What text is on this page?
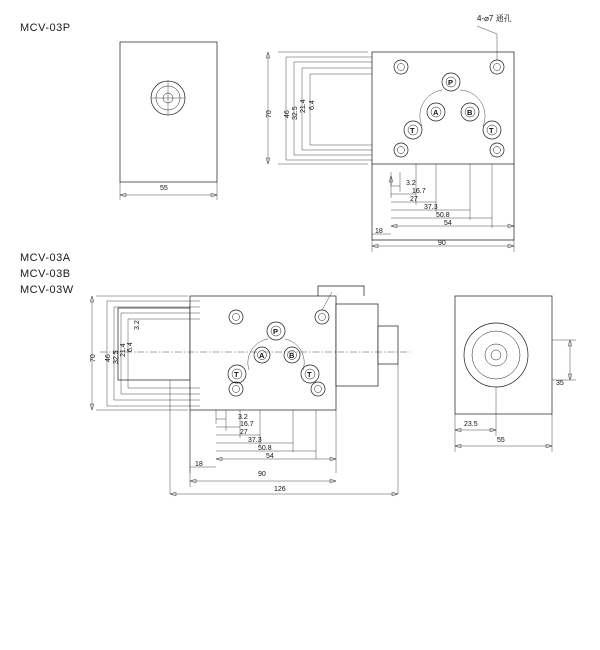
MCV-03P
MCV-03A
MCV-03B
MCV-03W
4-⌀7 通孔
55
P
A	B
T	T
70 46 32.5
21.4 6.4
3.2
16.7
27
37.3
50.8
54
90
18
P
A	B
T	T
70 46 32.5
21.4 6.4
3.2
3.2
16.7
27
37.3
50.8
54
90
126
18
35
23.5
55
